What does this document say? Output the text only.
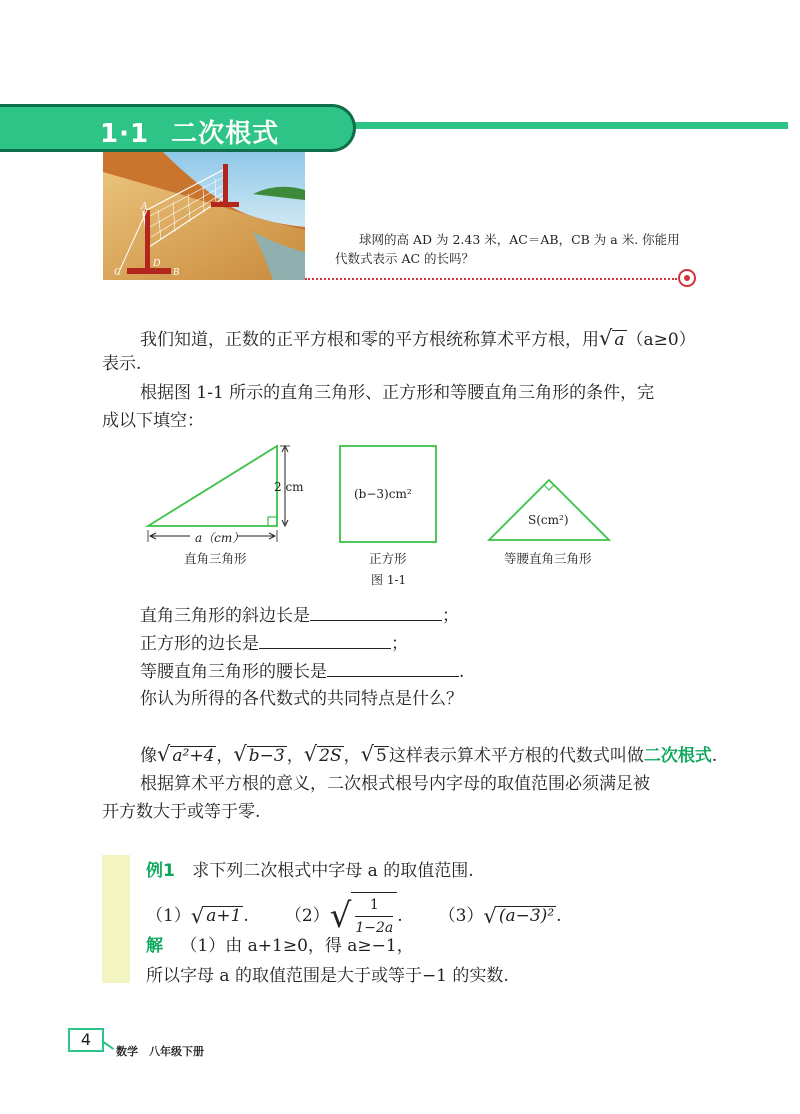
1·1 二次根式
A
C
D
B
球网的高 AD 为 2.43 米，AC＝AB，CB 为 a 米. 你能用
代数式表示 AC 的长吗？
我们知道，正数的正平方根和零的平方根统称算术平方根，用√ a （a≥0）
表示.
根据图 1-1 所示的直角三角形、正方形和等腰直角三角形的条件，完
成以下填空：
2 cm
a（cm）
(b−3)cm²
S(cm²)
直角三角形	正方形	等腰直角三角形
图 1-1
直角三角形的斜边长是	；
正方形的边长是	；
等腰直角三角形的腰长是	.
你认为所得的各代数式的共同特点是什么？
像√ a²+4 ，√ b−3 ，√ 2S ，√ 5 这样表示算术平方根的代数式叫做二次根式.
根据算术平方根的意义，二次根式根号内字母的取值范围必须满足被
开方数大于或等于零.
例1 求下列二次根式中字母 a 的取值范围.
（1） √ a+1 . （2） √ $\frac{1}{1-2a}$ . （3） √ (a−3)² .
解 （1）由 a+1≥0，得 a≥−1，
所以字母 a 的取值范围是大于或等于−1 的实数.
4
数学　八年级下册
